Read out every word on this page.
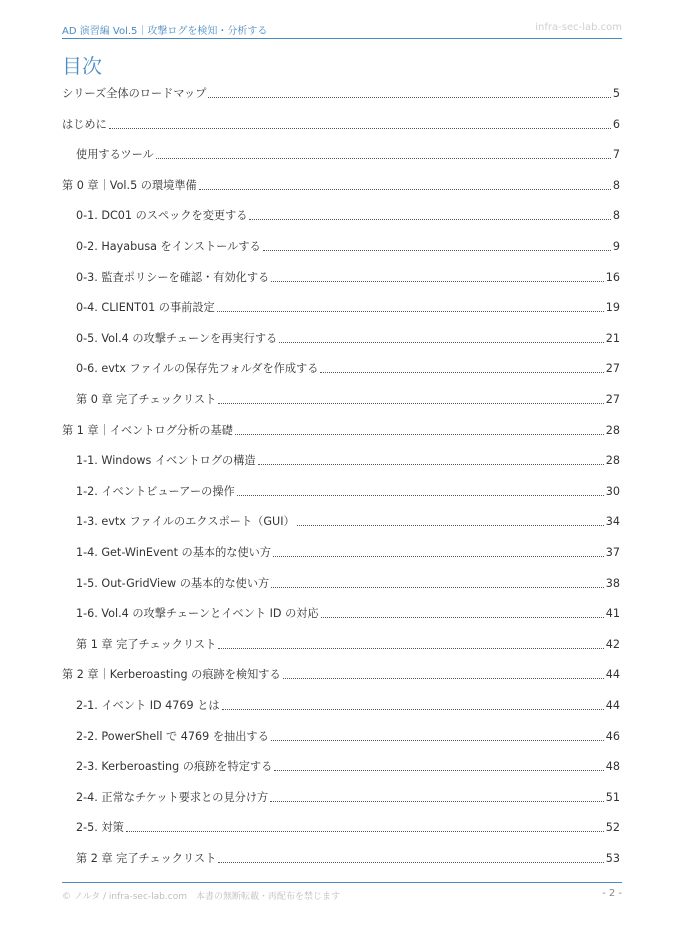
AD 演習編 Vol.5｜攻撃ログを検知・分析する	infra-sec-lab.com
目次
シリーズ全体のロードマップ	5
はじめに	6
使用するツール	7
第 0 章｜Vol.5 の環境準備	8
0-1. DC01 のスペックを変更する	8
0-2. Hayabusa をインストールする	9
0-3. 監査ポリシーを確認・有効化する	16
0-4. CLIENT01 の事前設定	19
0-5. Vol.4 の攻撃チェーンを再実行する	21
0-6. evtx ファイルの保存先フォルダを作成する	27
第 0 章 完了チェックリスト	27
第 1 章｜イベントログ分析の基礎	28
1-1. Windows イベントログの構造	28
1-2. イベントビューアーの操作	30
1-3. evtx ファイルのエクスポート（GUI）	34
1-4. Get-WinEvent の基本的な使い方	37
1-5. Out-GridView の基本的な使い方	38
1-6. Vol.4 の攻撃チェーンとイベント ID の対応	41
第 1 章 完了チェックリスト	42
第 2 章｜Kerberoasting の痕跡を検知する	44
2-1. イベント ID 4769 とは	44
2-2. PowerShell で 4769 を抽出する	46
2-3. Kerberoasting の痕跡を特定する	48
2-4. 正常なチケット要求との見分け方	51
2-5. 対策	52
第 2 章 完了チェックリスト	53
© ノルタ / infra-sec-lab.com　本書の無断転載・再配布を禁じます	- 2 -
